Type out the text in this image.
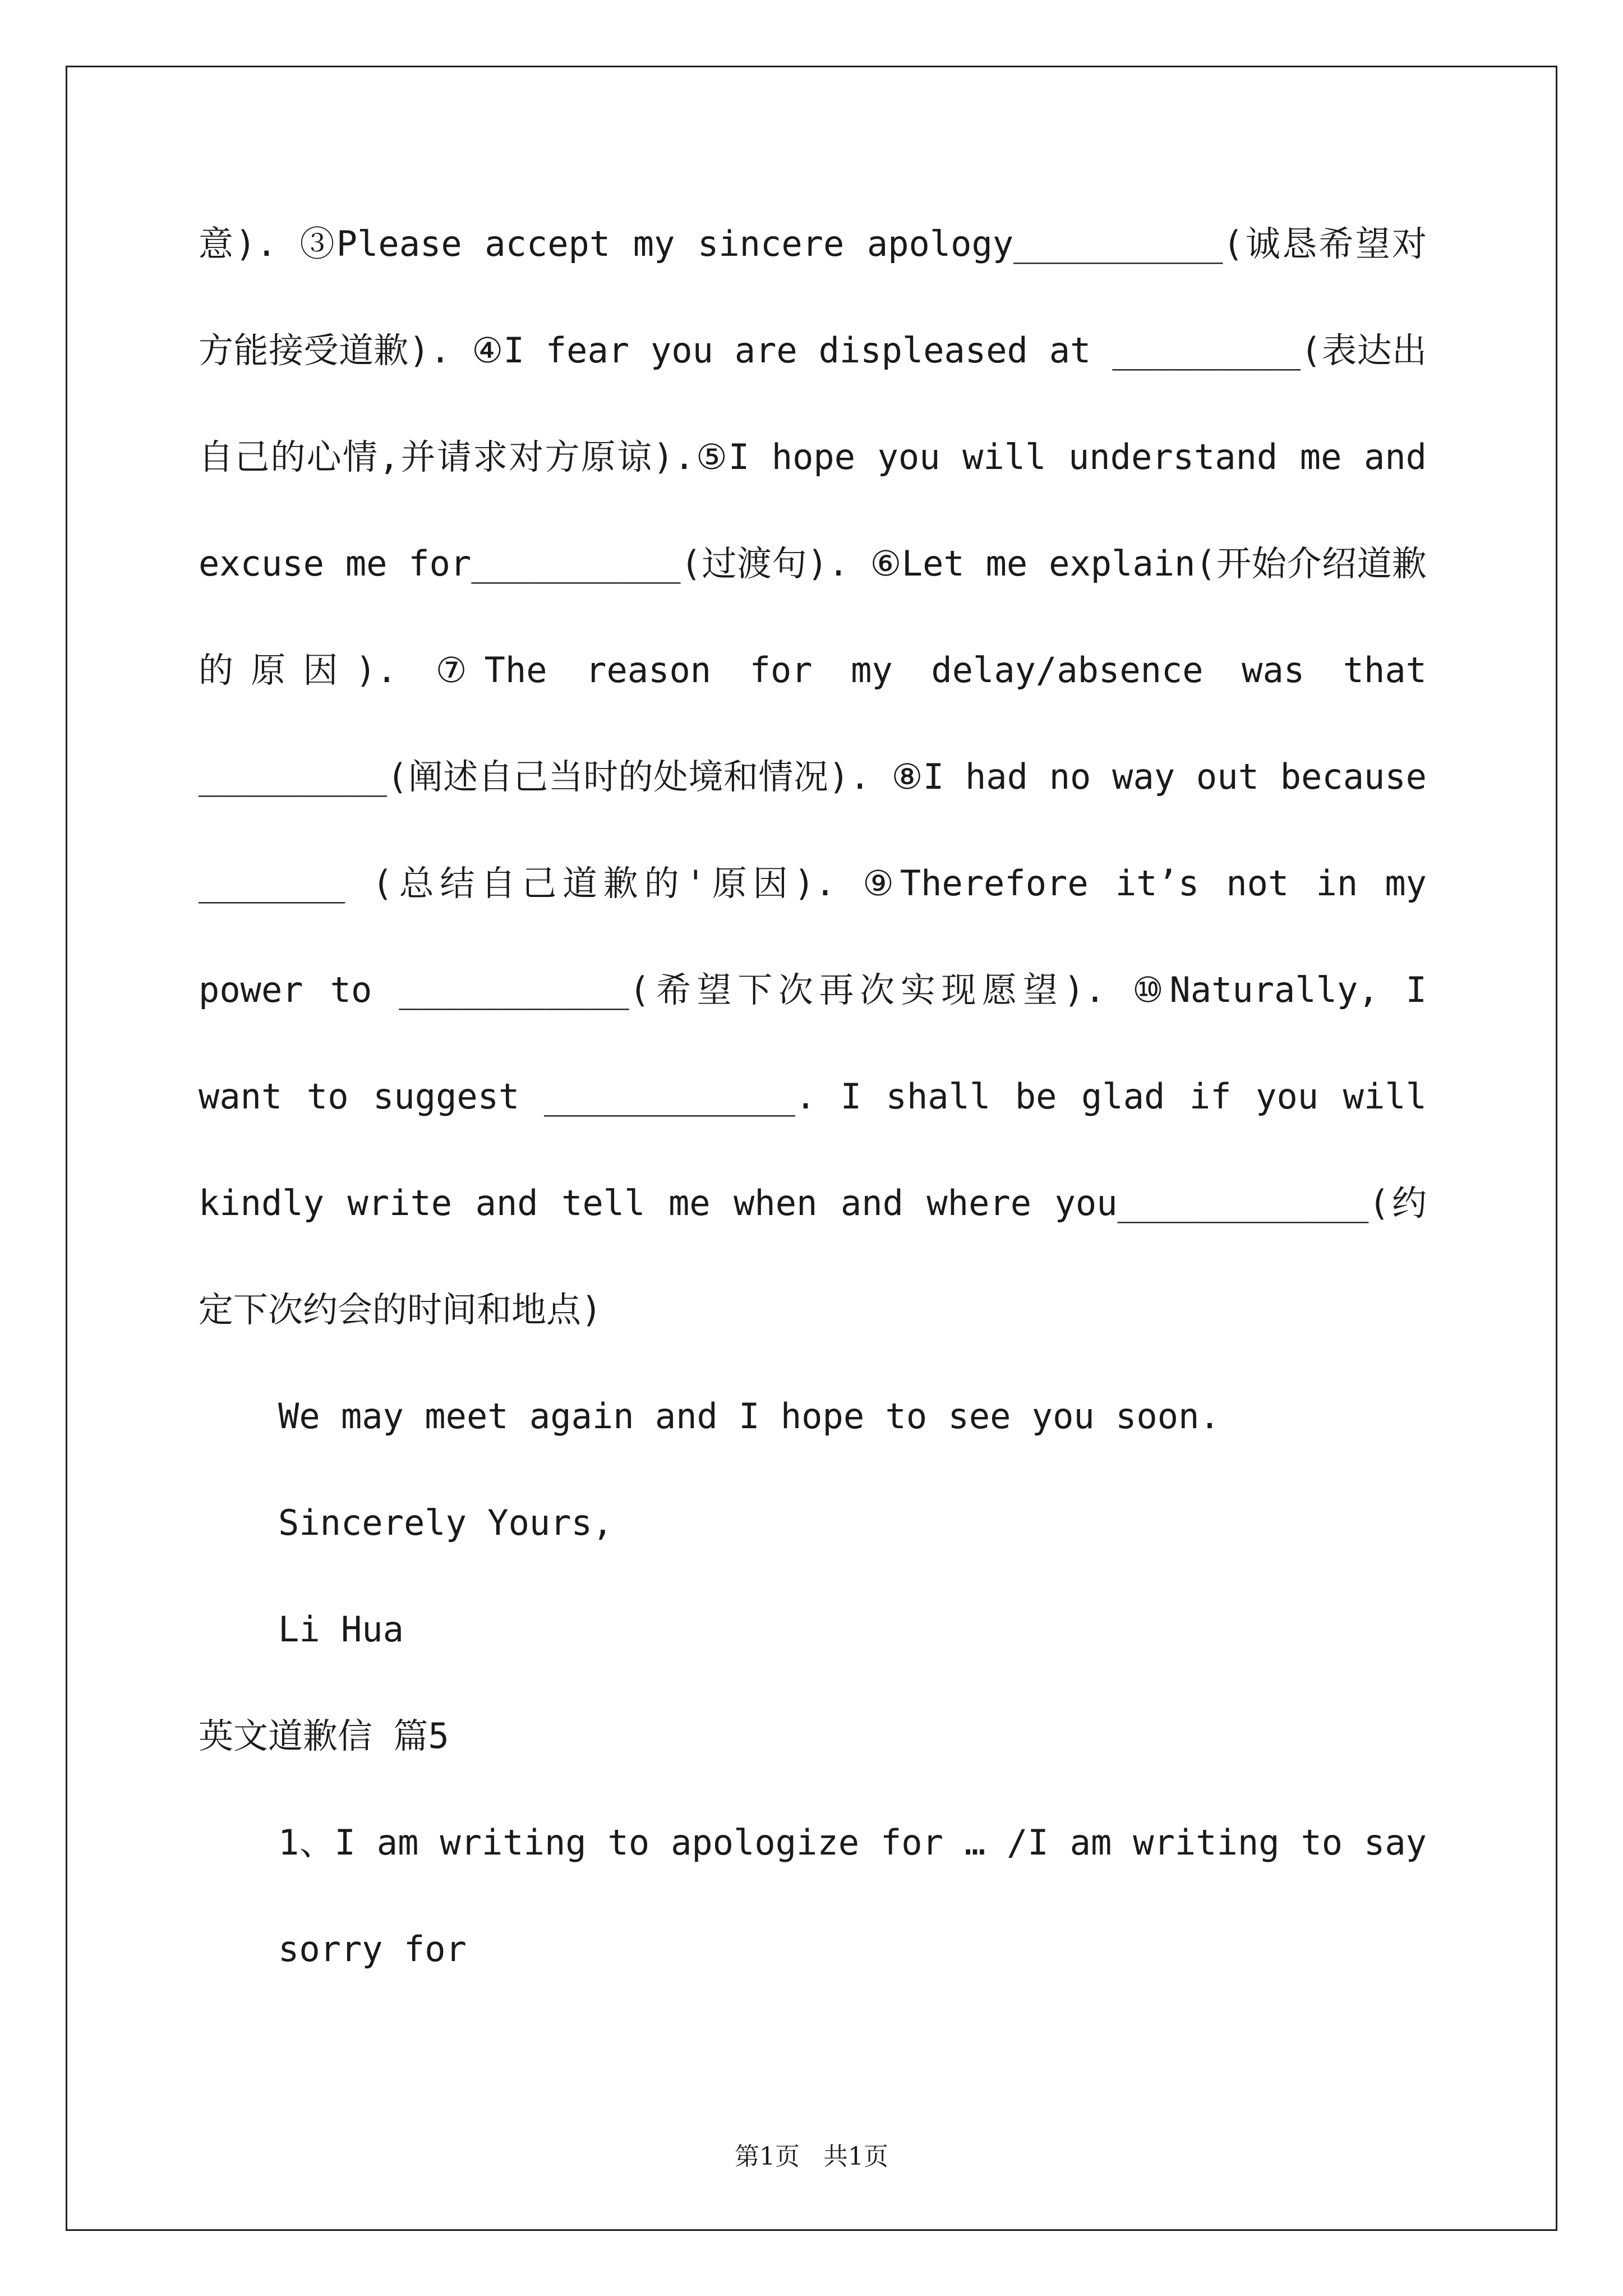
意). ③Please accept my sincere apology__________(诚恳希望对方能接受道歉). ④I fear you are displeased at _________(表达出自己的心情,并请求对方原谅).⑤I hope you will understand me and excuse me for__________(过渡句). ⑥Let me explain(开始介绍道歉的原因). ⑦The reason for my delay/absence was that _________(阐述自己当时的处境和情况). ⑧I had no way out because _______ (总结自己道歉的'原因). ⑨Therefore it’s not in my power to ___________(希望下次再次实现愿望). ⑩Naturally, I want to suggest ____________. I shall be glad if you will kindly write and tell me when and where you____________(约定下次约会的时间和地点)

We may meet again and I hope to see you soon.

Sincerely Yours,

Li Hua

英文道歉信 篇5

1、I am writing to apologize for … /I am writing to say sorry for

第1页   共1页
